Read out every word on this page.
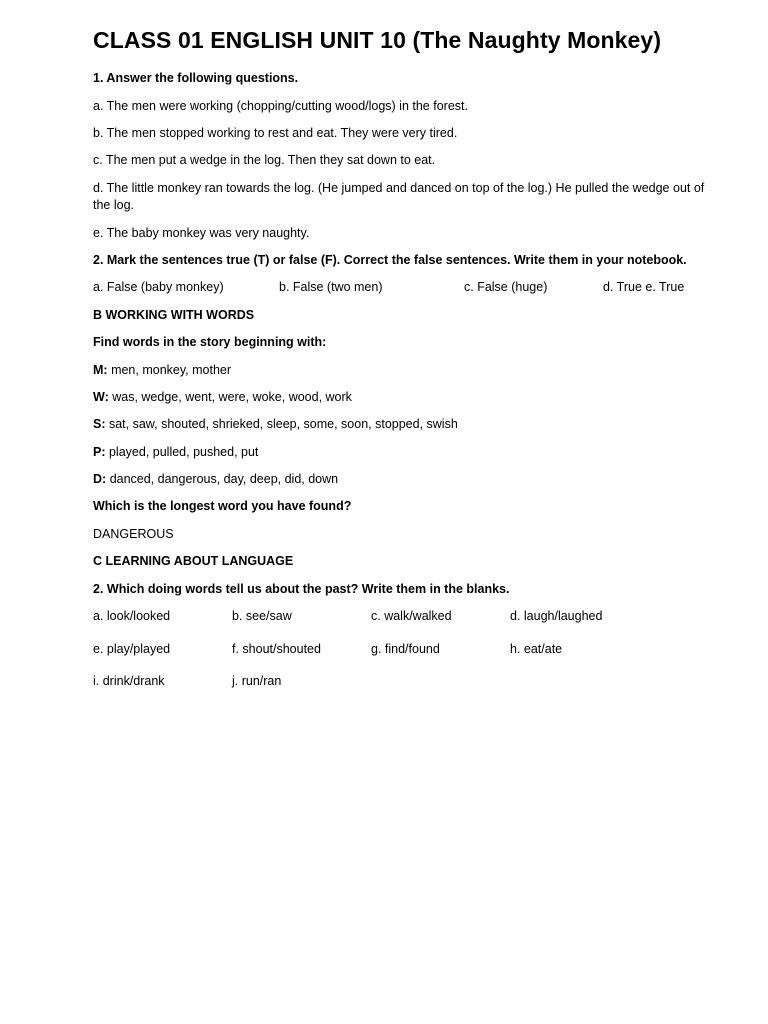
CLASS 01 ENGLISH UNIT 10 (The Naughty Monkey)
1. Answer the following questions.
a. The men were working (chopping/cutting wood/logs) in the forest.
b. The men stopped working to rest and eat. They were very tired.
c. The men put a wedge in the log. Then they sat down to eat.
d. The little monkey ran towards the log. (He jumped and danced on top of the log.) He pulled the wedge out of the log.
e. The baby monkey was very naughty.
2. Mark the sentences true (T) or false (F). Correct the false sentences. Write them in your notebook.
a. False (baby monkey)	b. False (two men)	c. False (huge)	d. True e. True
B WORKING WITH WORDS
Find words in the story beginning with:
M: men, monkey, mother
W: was, wedge, went, were, woke, wood, work
S: sat, saw, shouted, shrieked, sleep, some, soon, stopped, swish
P: played, pulled, pushed, put
D: danced, dangerous, day, deep, did, down
Which is the longest word you have found?
DANGEROUS
C LEARNING ABOUT LANGUAGE
2. Which doing words tell us about the past? Write them in the blanks.
a. look/looked	b. see/saw	c. walk/walked	d. laugh/laughed
e. play/played	f. shout/shouted	g. find/found	h. eat/ate
i. drink/drank	j. run/ran
